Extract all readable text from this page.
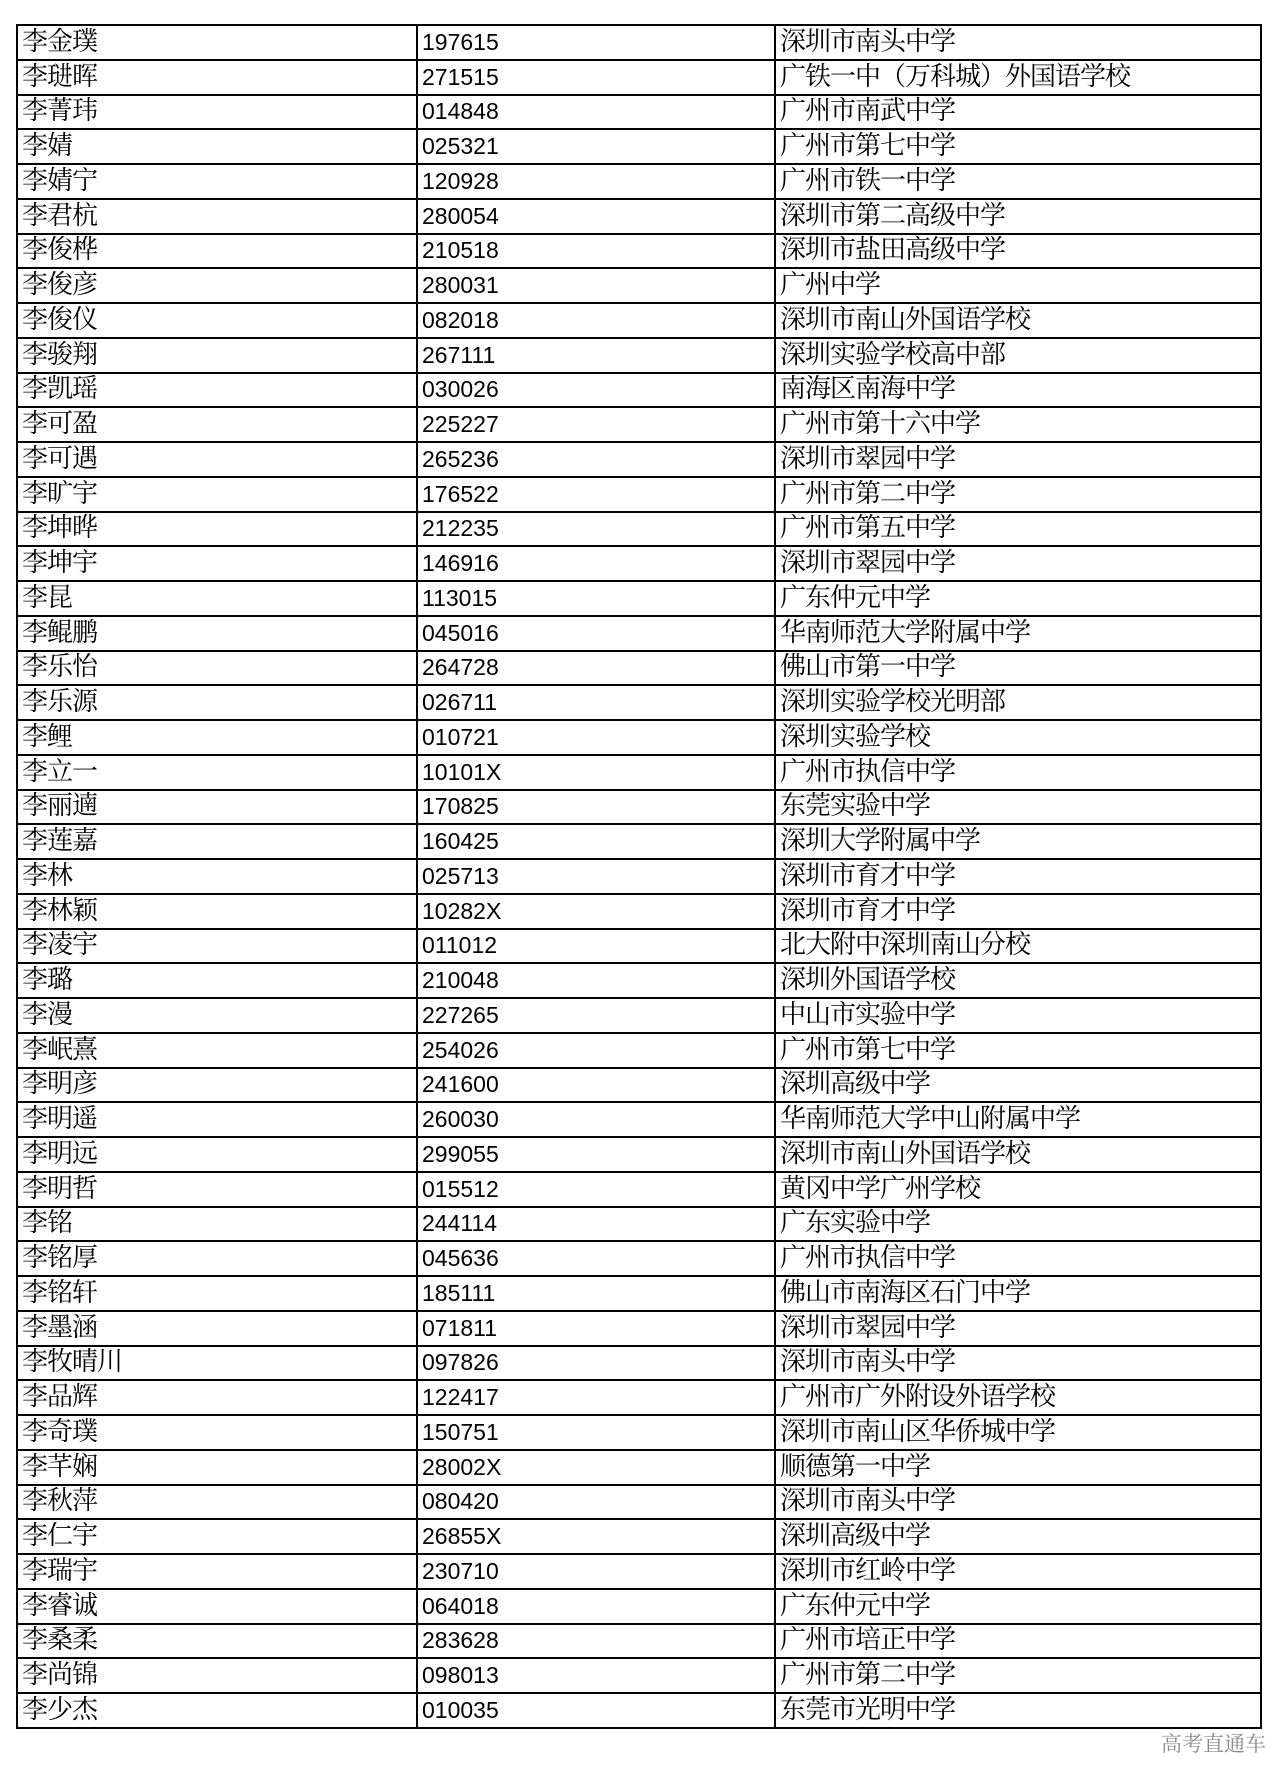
李金璞	197615	深圳市南头中学
李琎晖	271515	广铁一中（万科城）外国语学校
李菁玮	014848	广州市南武中学
李婧	025321	广州市第七中学
李婧宁	120928	广州市铁一中学
李君杭	280054	深圳市第二高级中学
李俊桦	210518	深圳市盐田高级中学
李俊彦	280031	广州中学
李俊仪	082018	深圳市南山外国语学校
李骏翔	267111	深圳实验学校高中部
李凯瑶	030026	南海区南海中学
李可盈	225227	广州市第十六中学
李可遇	265236	深圳市翠园中学
李旷宇	176522	广州市第二中学
李坤晔	212235	广州市第五中学
李坤宇	146916	深圳市翠园中学
李昆	113015	广东仲元中学
李鲲鹏	045016	华南师范大学附属中学
李乐怡	264728	佛山市第一中学
李乐源	026711	深圳实验学校光明部
李鲤	010721	深圳实验学校
李立一	10101X	广州市执信中学
李丽遖	170825	东莞实验中学
李莲嘉	160425	深圳大学附属中学
李林	025713	深圳市育才中学
李林颖	10282X	深圳市育才中学
李凌宇	011012	北大附中深圳南山分校
李璐	210048	深圳外国语学校
李漫	227265	中山市实验中学
李岷熹	254026	广州市第七中学
李明彦	241600	深圳高级中学
李明遥	260030	华南师范大学中山附属中学
李明远	299055	深圳市南山外国语学校
李明哲	015512	黄冈中学广州学校
李铭	244114	广东实验中学
李铭厚	045636	广州市执信中学
李铭轩	185111	佛山市南海区石门中学
李墨涵	071811	深圳市翠园中学
李牧晴川	097826	深圳市南头中学
李品辉	122417	广州市广外附设外语学校
李奇璞	150751	深圳市南山区华侨城中学
李芊娴	28002X	顺德第一中学
李秋萍	080420	深圳市南头中学
李仁宇	26855X	深圳高级中学
李瑞宇	230710	深圳市红岭中学
李睿诚	064018	广东仲元中学
李桑柔	283628	广州市培正中学
李尚锦	098013	广州市第二中学
李少杰	010035	东莞市光明中学
高考直通车
